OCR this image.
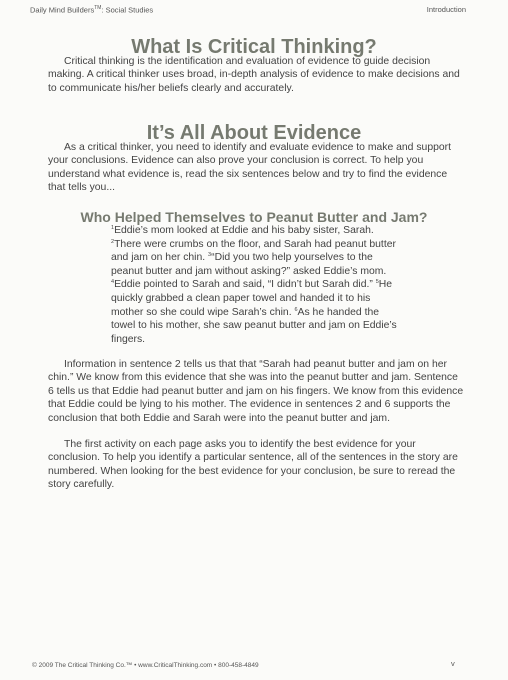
Daily Mind Builders™: Social Studies	Introduction
What Is Critical Thinking?

Critical thinking is the identification and evaluation of evidence to guide decision making. A critical thinker uses broad, in-depth analysis of evidence to make decisions and to communicate his/her beliefs clearly and accurately.

It’s All About Evidence

As a critical thinker, you need to identify and evaluate evidence to make and support your conclusions. Evidence can also prove your conclusion is correct. To help you understand what evidence is, read the six sentences below and try to find the evidence that tells you...

Who Helped Themselves to Peanut Butter and Jam?

$^1$Eddie’s mom looked at Eddie and his baby sister, Sarah. $^2$There were crumbs on the floor, and Sarah had peanut butter and jam on her chin. $^3$“Did you two help yourselves to the peanut butter and jam without asking?” asked Eddie’s mom. $^4$Eddie pointed to Sarah and said, “I didn’t but Sarah did.” $^5$He quickly grabbed a clean paper towel and handed it to his mother so she could wipe Sarah’s chin. $^6$As he handed the towel to his mother, she saw peanut butter and jam on Eddie’s fingers.

Information in sentence 2 tells us that that “Sarah had peanut butter and jam on her chin.” We know from this evidence that she was into the peanut butter and jam. Sentence 6 tells us that Eddie had peanut butter and jam on his fingers. We know from this evidence that Eddie could be lying to his mother. The evidence in sentences 2 and 6 supports the conclusion that both Eddie and Sarah were into the peanut butter and jam.

The first activity on each page asks you to identify the best evidence for your conclusion. To help you identify a particular sentence, all of the sentences in the story are numbered. When looking for the best evidence for your conclusion, be sure to reread the story carefully.

© 2009 The Critical Thinking Co.™ • www.CriticalThinking.com • 800-458-4849	v
